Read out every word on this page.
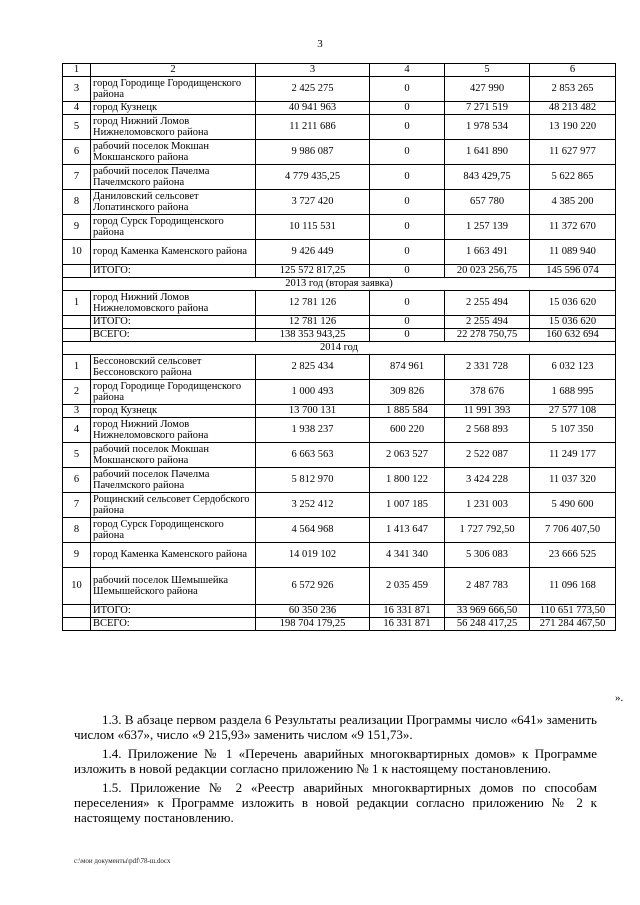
3
1	2	3	4	5	6
3	город Городище Городищенского района	2 425 275	0	427 990	2 853 265
4	город Кузнецк	40 941 963	0	7 271 519	48 213 482
5	город Нижний Ломов Нижнеломовского района	11 211 686	0	1 978 534	13 190 220
6	рабочий поселок Мокшан Мокшанского района	9 986 087	0	1 641 890	11 627 977
7	рабочий поселок Пачелма Пачелмского района	4 779 435,25	0	843 429,75	5 622 865
8	Даниловский сельсовет Лопатинского района	3 727 420	0	657 780	4 385 200
9	город Сурск Городищенского района	10 115 531	0	1 257 139	11 372 670
10	город Каменка Каменского района	9 426 449	0	1 663 491	11 089 940
	ИТОГО:	125 572 817,25	0	20 023 256,75	145 596 074
2013 год (вторая заявка)					
1	город Нижний Ломов Нижнеломовского района	12 781 126	0	2 255 494	15 036 620
	ИТОГО:	12 781 126	0	2 255 494	15 036 620
	ВСЕГО:	138 353 943,25	0	22 278 750,75	160 632 694
2014 год					
1	Бессоновский сельсовет Бессоновского района	2 825 434	874 961	2 331 728	6 032 123
2	город Городище Городищенского района	1 000 493	309 826	378 676	1 688 995
3	город Кузнецк	13 700 131	1 885 584	11 991 393	27 577 108
4	город Нижний Ломов Нижнеломовского района	1 938 237	600 220	2 568 893	5 107 350
5	рабочий поселок Мокшан Мокшанского района	6 663 563	2 063 527	2 522 087	11 249 177
6	рабочий поселок Пачелма Пачелмского района	5 812 970	1 800 122	3 424 228	11 037 320
7	Рощинский сельсовет Сердобского района	3 252 412	1 007 185	1 231 003	5 490 600
8	город Сурск Городищенского района	4 564 968	1 413 647	1 727 792,50	7 706 407,50
9	город Каменка Каменского района	14 019 102	4 341 340	5 306 083	23 666 525
10	рабочий поселок Шемышейка Шемышейского района	6 572 926	2 035 459	2 487 783	11 096 168
	ИТОГО:	60 350 236	16 331 871	33 969 666,50	110 651 773,50
	ВСЕГО:	198 704 179,25	16 331 871	56 248 417,25	271 284 467,50
».

1.3. В абзаце первом раздела 6 Результаты реализации Программы число «641» заменить числом «637», число «9 215,93» заменить числом «9 151,73».

1.4. Приложение № 1 «Перечень аварийных многоквартирных домов» к Программе изложить в новой редакции согласно приложению № 1 к настоящему постановлению.

1.5. Приложение № 2 «Реестр аварийных многоквартирных домов по способам переселения» к Программе изложить в новой редакции согласно приложению № 2 к настоящему постановлению.

c:\мои документы\pdf\78-ш.docx
